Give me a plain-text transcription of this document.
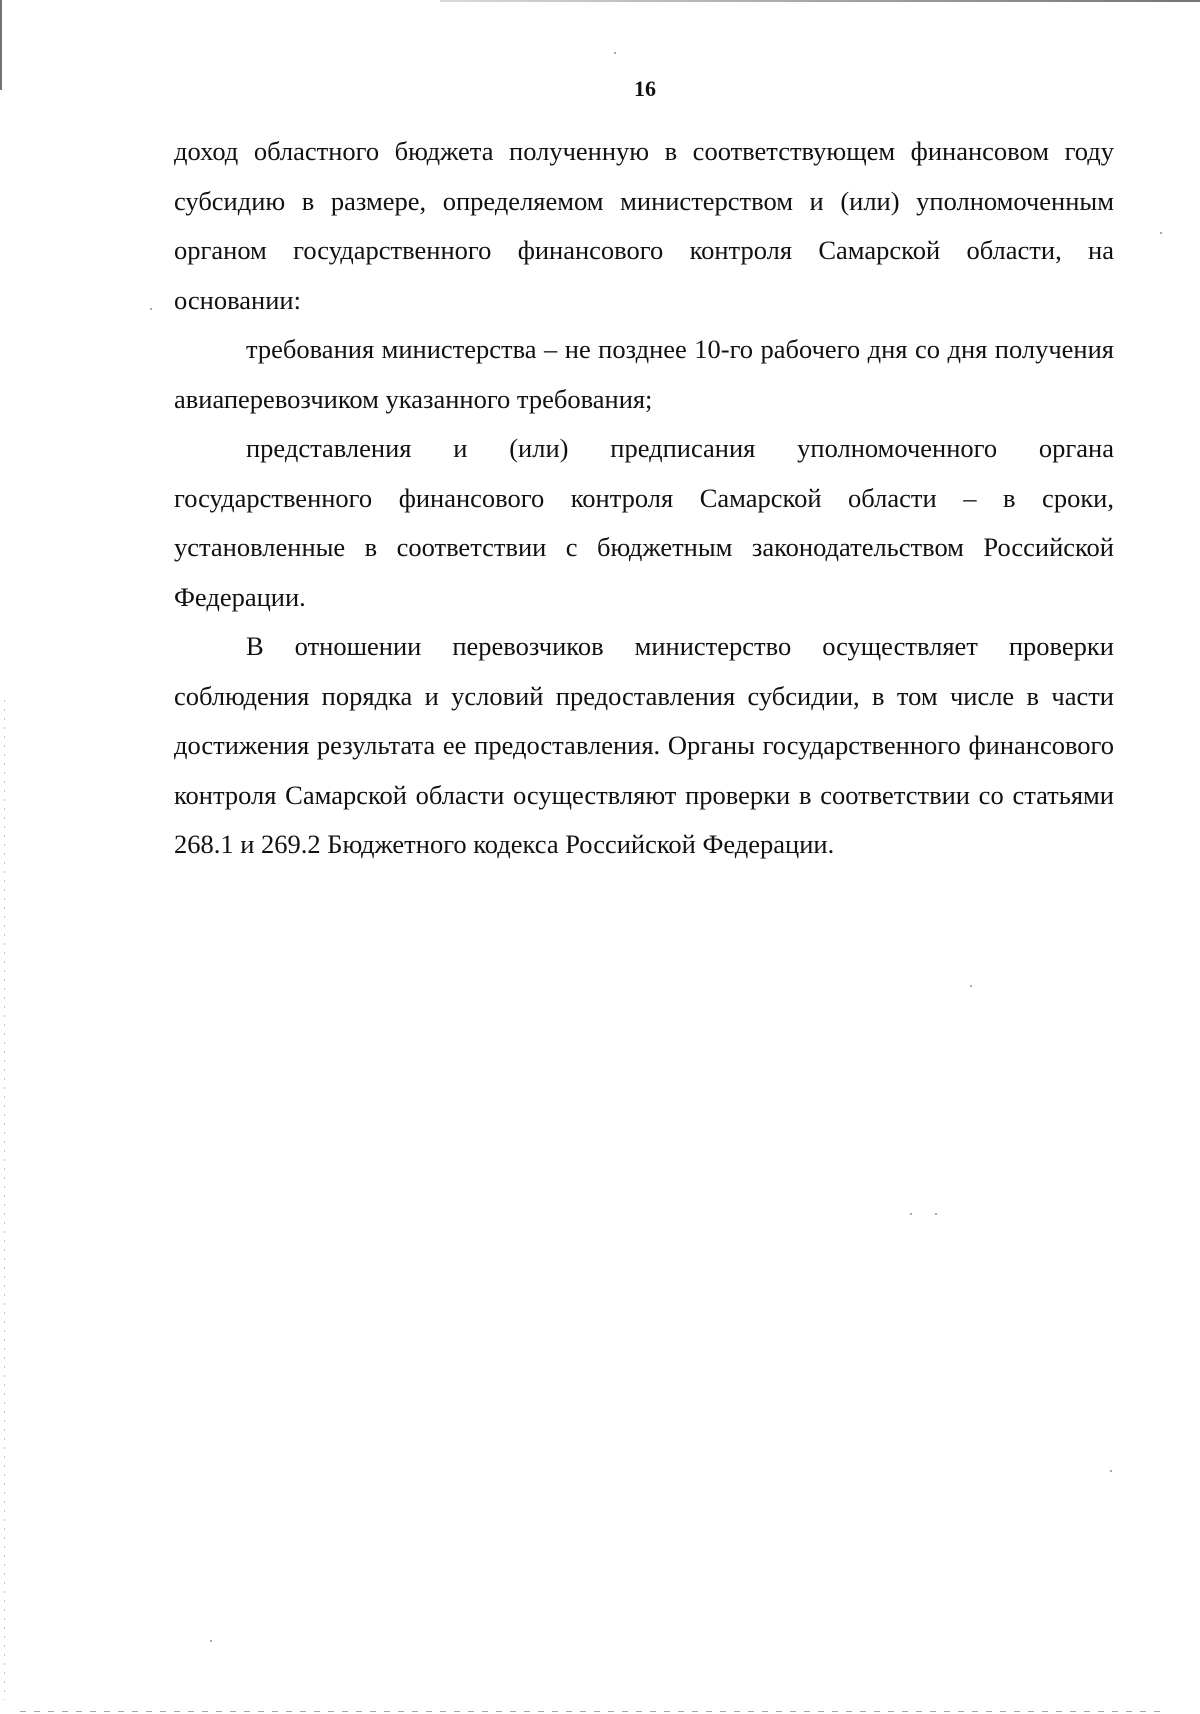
16

доход областного бюджета полученную в соответствующем финансовом году субсидию в размере, определяемом министерством и (или) уполномоченным органом государственного финансового контроля Самарской области, на основании:

требования министерства – не позднее 10-го рабочего дня со дня получения авиаперевозчиком указанного требования;

представления и (или) предписания уполномоченного органа государственного финансового контроля Самарской области – в сроки, установленные в соответствии с бюджетным законодательством Российской Федерации.

В отношении перевозчиков министерство осуществляет проверки соблюдения порядка и условий предоставления субсидии, в том числе в части достижения результата ее предоставления. Органы государственного финансового контроля Самарской области осуществляют проверки в соответствии со статьями 268.1 и 269.2 Бюджетного кодекса Российской Федерации.
